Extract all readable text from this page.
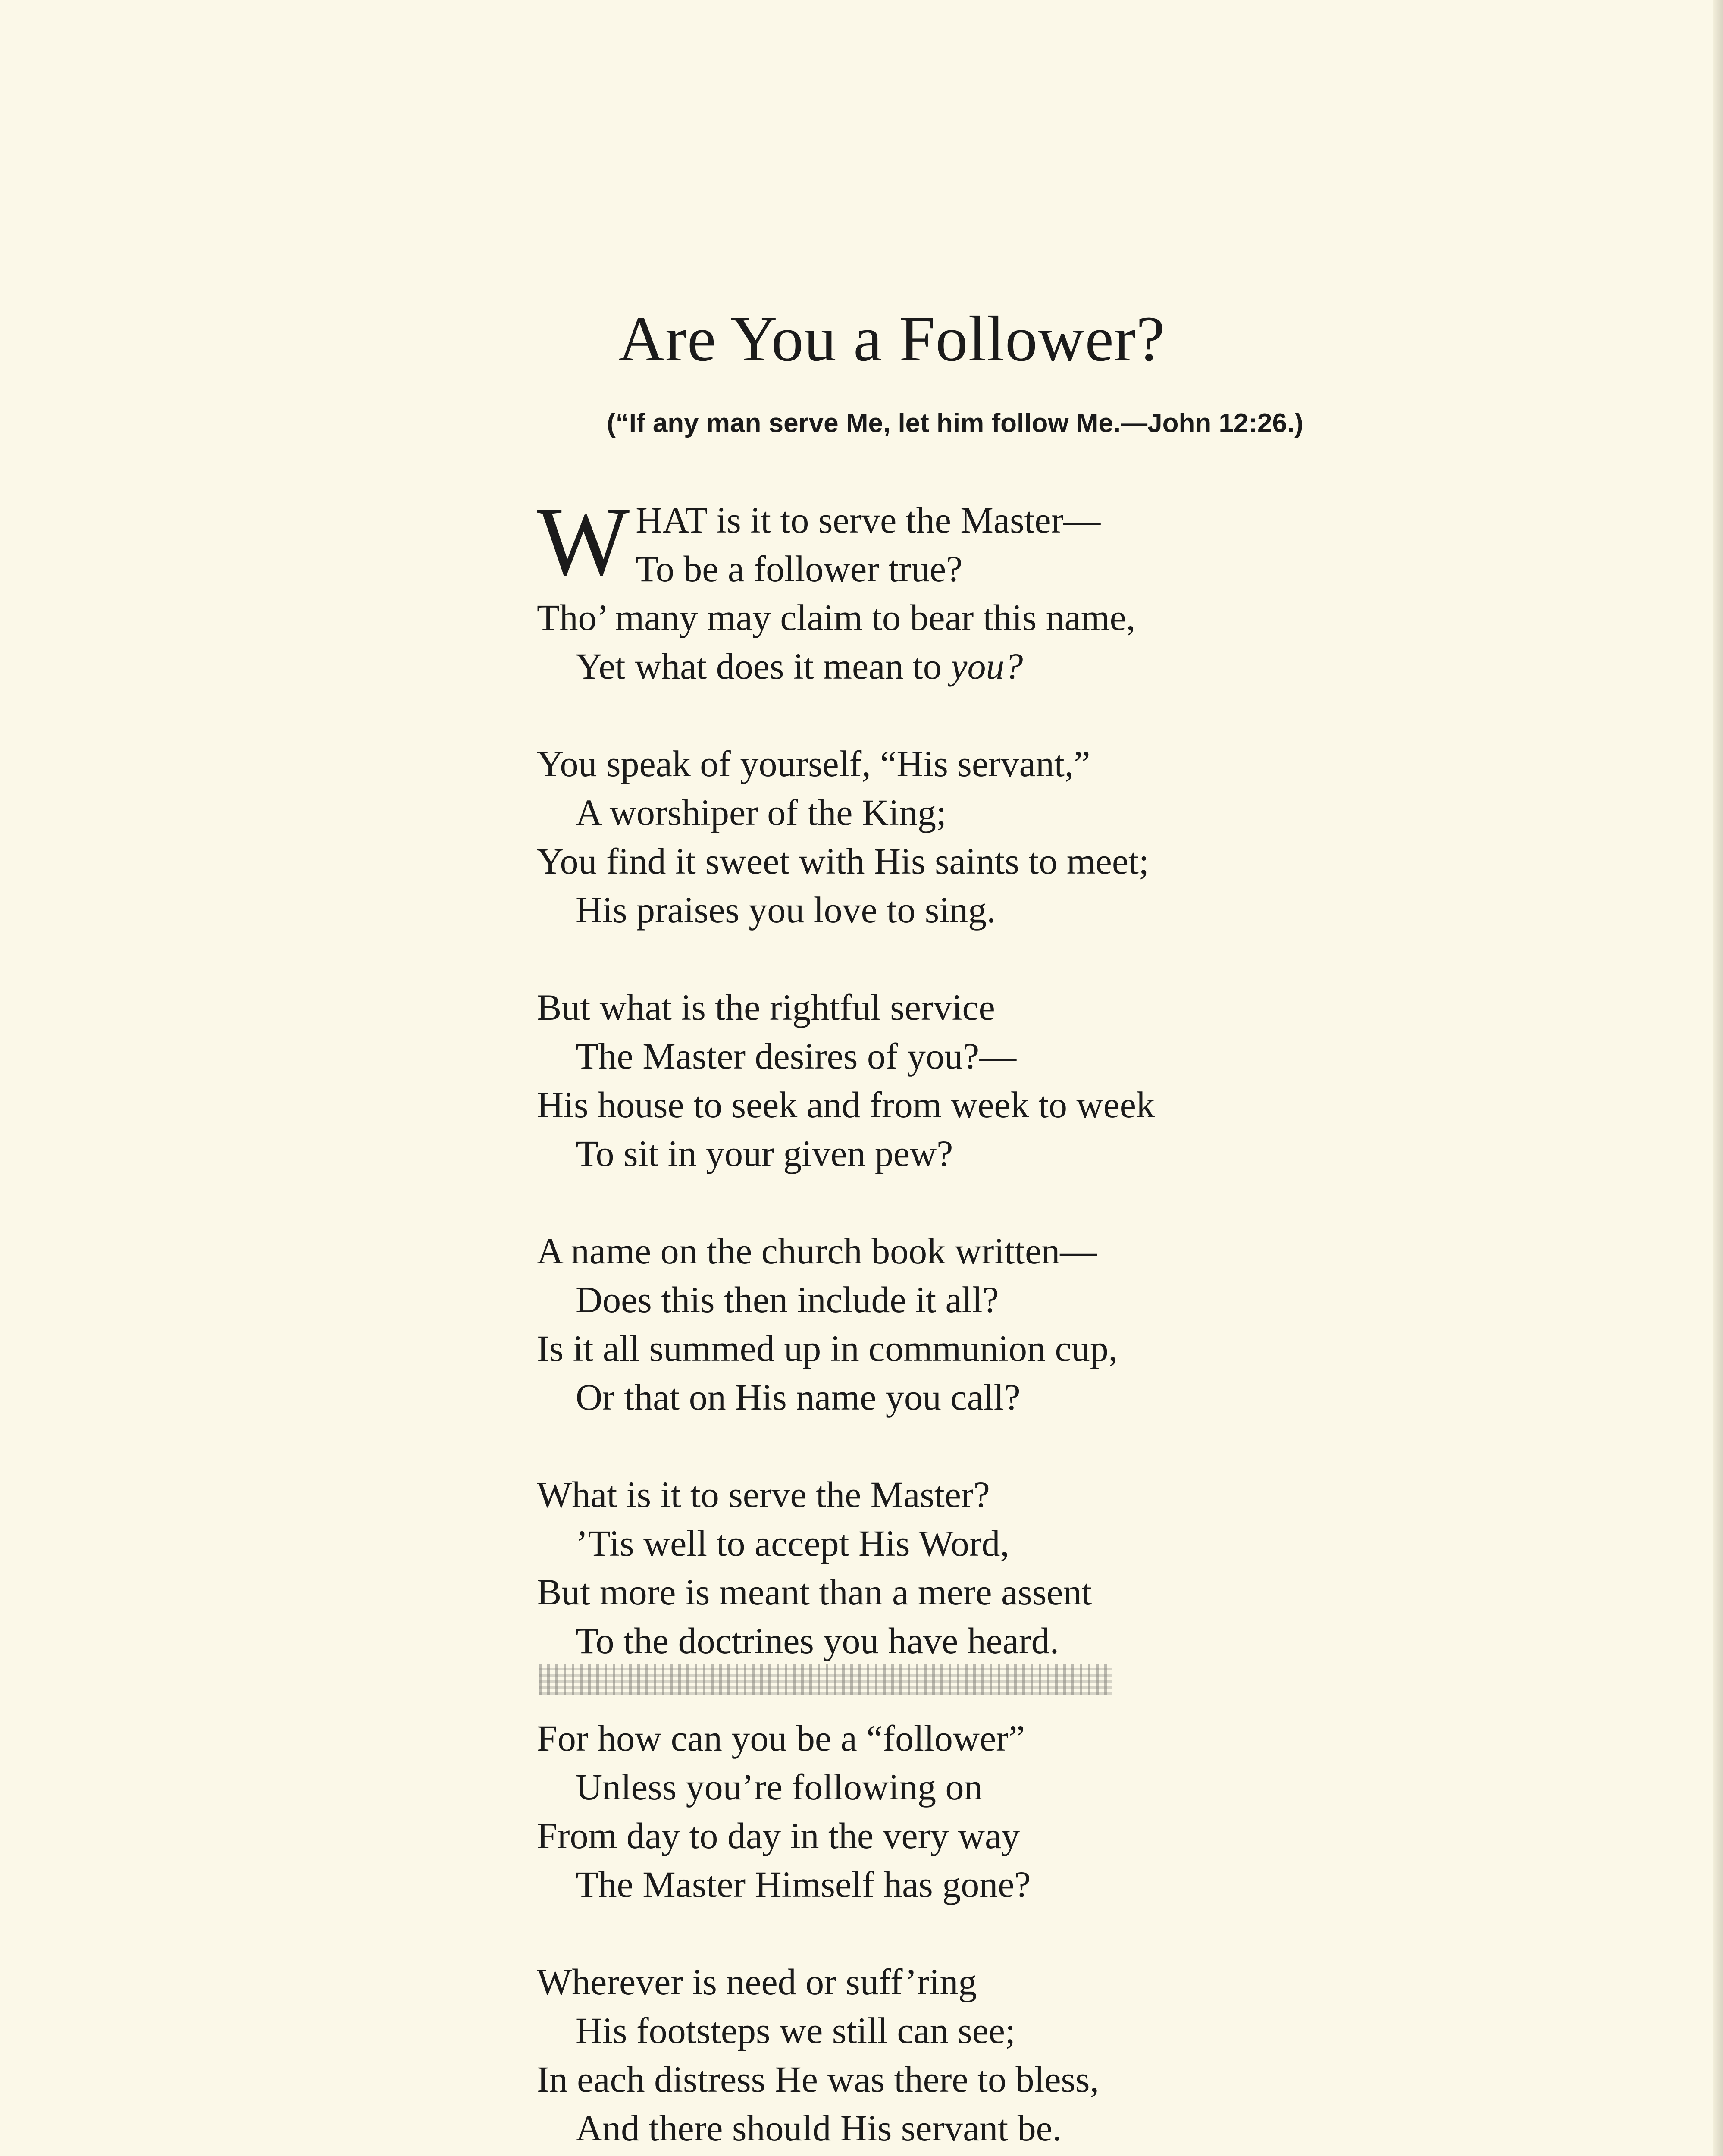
Are You a Follower?
(“If any man serve Me, let him follow Me.—John 12:26.)
WHAT is it to serve the Master—
To be a follower true?
Tho’ many may claim to bear this name,
Yet what does it mean to you?
You speak of yourself, “His servant,”
A worshiper of the King;
You find it sweet with His saints to meet;
His praises you love to sing.
But what is the rightful service
The Master desires of you?—
His house to seek and from week to week
To sit in your given pew?
A name on the church book written—
Does this then include it all?
Is it all summed up in communion cup,
Or that on His name you call?
What is it to serve the Master?
’Tis well to accept His Word,
But more is meant than a mere assent
To the doctrines you have heard.
For how can you be a “follower”
Unless you’re following on
From day to day in the very way
The Master Himself has gone?
Wherever is need or suff’ring
His footsteps we still can see;
In each distress He was there to bless,
And there should His servant be.
